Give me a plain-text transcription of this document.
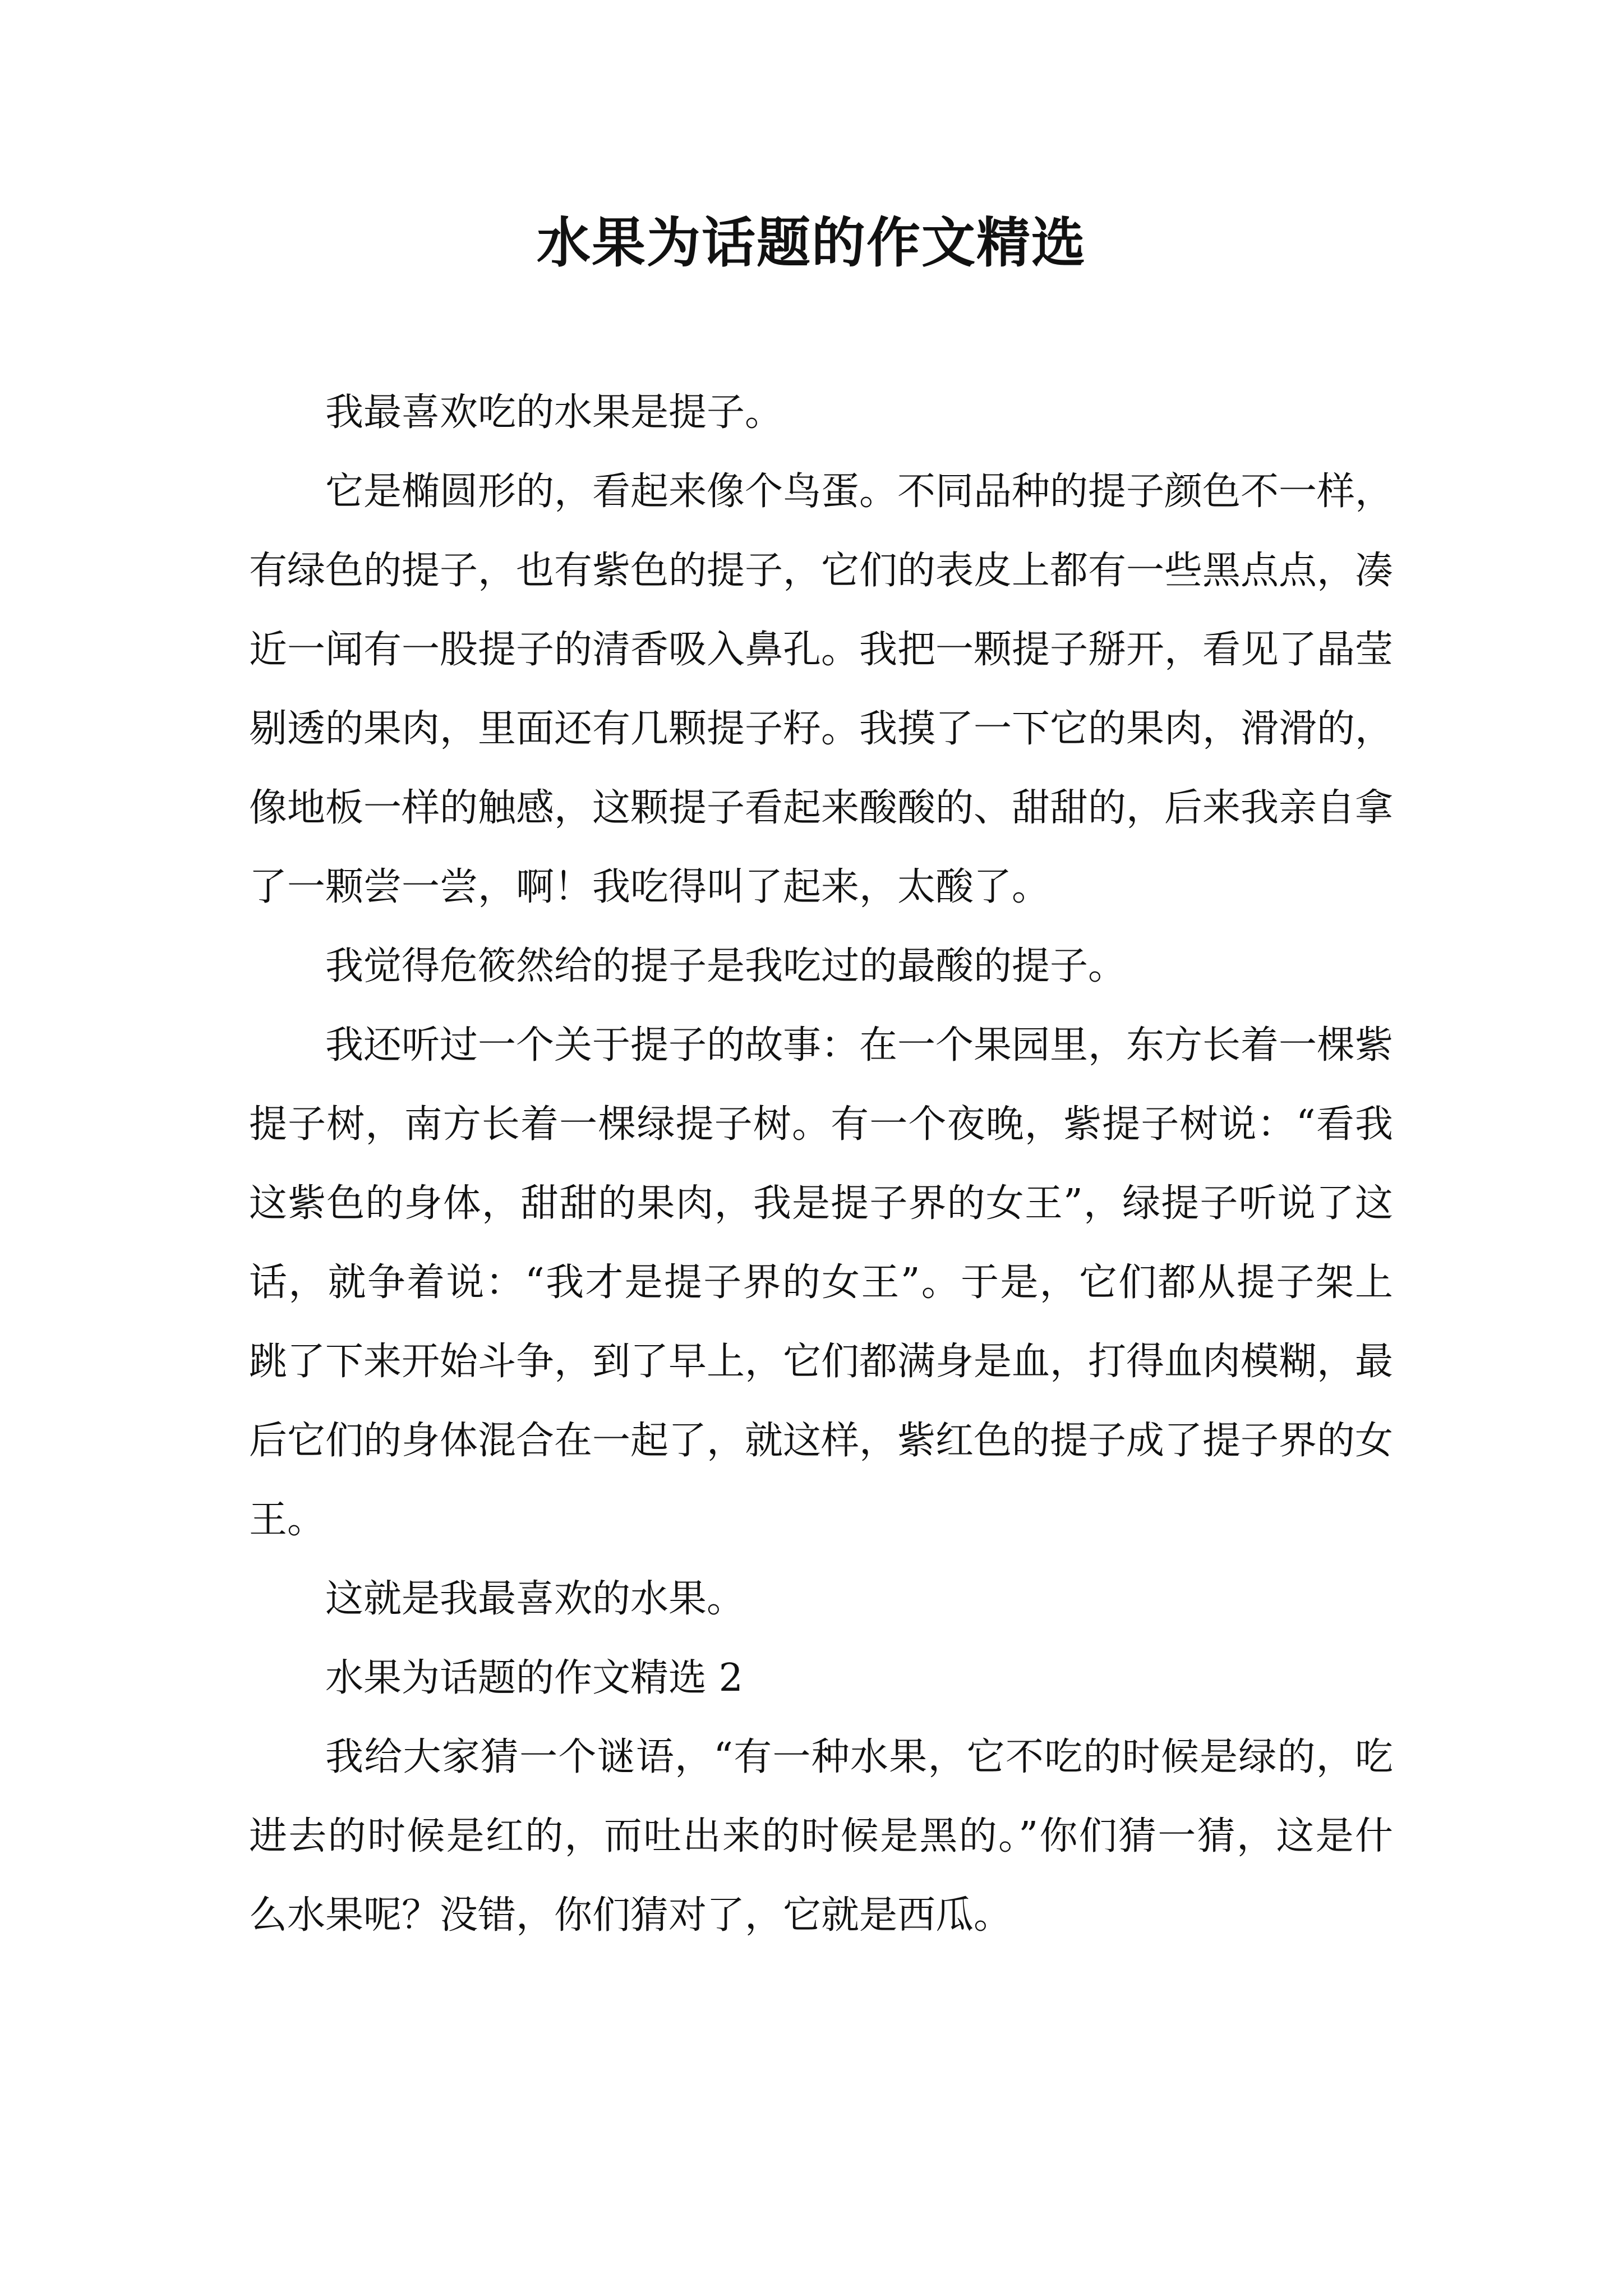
水果为话题的作文精选

我最喜欢吃的水果是提子。

它是椭圆形的，看起来像个鸟蛋。不同品种的提子颜色不一样，有绿色的提子，也有紫色的提子，它们的表皮上都有一些黑点点，凑近一闻有一股提子的清香吸入鼻孔。我把一颗提子掰开，看见了晶莹剔透的果肉，里面还有几颗提子籽。我摸了一下它的果肉，滑滑的，像地板一样的触感，这颗提子看起来酸酸的、甜甜的，后来我亲自拿了一颗尝一尝，啊！我吃得叫了起来，太酸了。

我觉得危筱然给的提子是我吃过的最酸的提子。

我还听过一个关于提子的故事：在一个果园里，东方长着一棵紫提子树，南方长着一棵绿提子树。有一个夜晚，紫提子树说：“看我这紫色的身体，甜甜的果肉，我是提子界的女王”，绿提子听说了这话，就争着说：“我才是提子界的女王”。于是，它们都从提子架上跳了下来开始斗争，到了早上，它们都满身是血，打得血肉模糊，最后它们的身体混合在一起了，就这样，紫红色的提子成了提子界的女王。

这就是我最喜欢的水果。

水果为话题的作文精选 2

我给大家猜一个谜语，“有一种水果，它不吃的时候是绿的，吃进去的时候是红的，而吐出来的时候是黑的。”你们猜一猜，这是什么水果呢？没错，你们猜对了，它就是西瓜。
